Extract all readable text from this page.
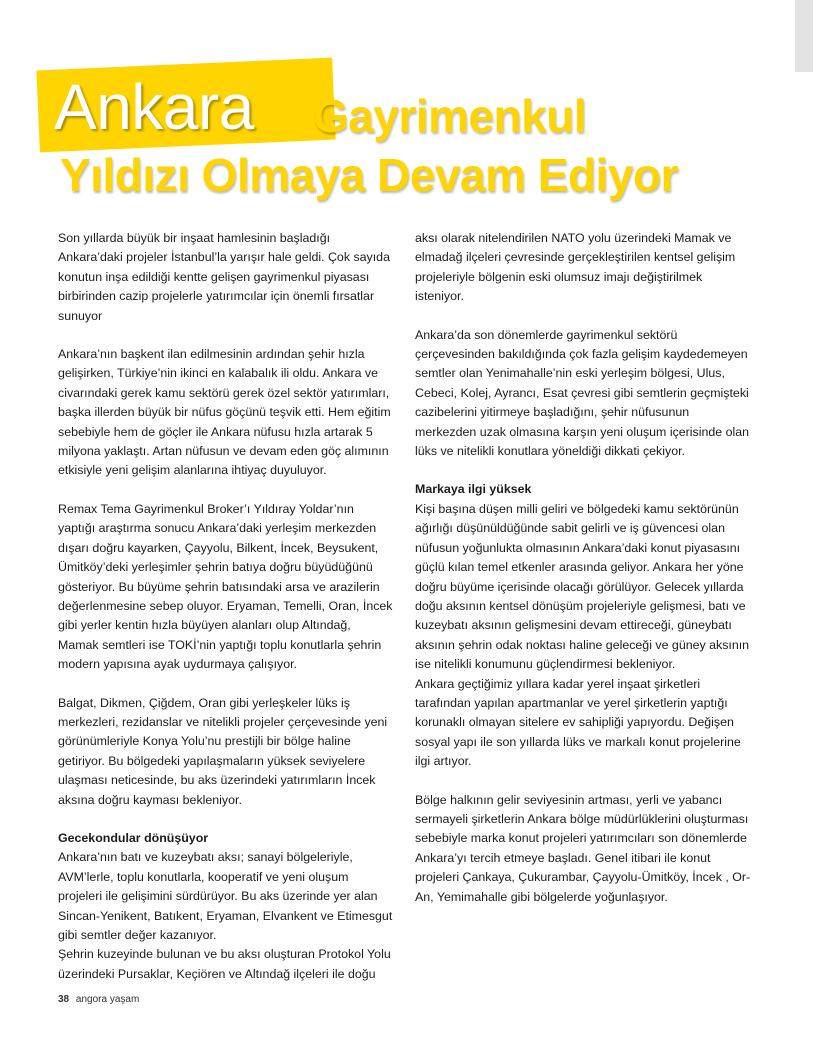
Ankara Gayrimenkul
Yıldızı Olmaya Devam Ediyor

Son yıllarda büyük bir inşaat hamlesinin başladığı Ankara’daki projeler İstanbul’la yarışır hale geldi. Çok sayıda konutun inşa edildiği kentte gelişen gayrimenkul piyasası birbirinden cazip projelerle yatırımcılar için önemli fırsatlar sunuyor

Ankara’nın başkent ilan edilmesinin ardından şehir hızla gelişirken, Türkiye’nin ikinci en kalabalık ili oldu. Ankara ve civarındaki gerek kamu sektörü gerek özel sektör yatırımları, başka illerden büyük bir nüfus göçünü teşvik etti. Hem eğitim sebebiyle hem de göçler ile Ankara nüfusu hızla artarak 5 milyona yaklaştı. Artan nüfusun ve devam eden göç alımının etkisiyle yeni gelişim alanlarına ihtiyaç duyuluyor.

Remax Tema Gayrimenkul Broker’ı Yıldıray Yoldar’nın yaptığı araştırma sonucu Ankara’daki yerleşim merkezden dışarı doğru kayarken, Çayyolu, Bilkent, İncek, Beysukent, Ümitköy’deki yerleşimler şehrin batıya doğru büyüdüğünü gösteriyor. Bu büyüme şehrin batısındaki arsa ve arazilerin değerlenmesine sebep oluyor. Eryaman, Temelli, Oran, İncek gibi yerler kentin hızla büyüyen alanları olup Altındağ, Mamak semtleri ise TOKİ’nin yaptığı toplu konutlarla şehrin modern yapısına ayak uydurmaya çalışıyor.

Balgat, Dikmen, Çiğdem, Oran gibi yerleşkeler lüks iş merkezleri, rezidanslar ve nitelikli projeler çerçevesinde yeni görünümleriyle Konya Yolu’nu prestijli bir bölge haline getiriyor. Bu bölgedeki yapılaşmaların yüksek seviyelere ulaşması neticesinde, bu aks üzerindeki yatırımların İncek aksına doğru kayması bekleniyor.

Gecekondular dönüşüyor

Ankara’nın batı ve kuzeybatı aksı; sanayi bölgeleriyle, AVM’lerle, toplu konutlarla, kooperatif ve yeni oluşum projeleri ile gelişimini sürdürüyor. Bu aks üzerinde yer alan Sincan-Yenikent, Batıkent, Eryaman, Elvankent ve Etimesgut gibi semtler değer kazanıyor.

Şehrin kuzeyinde bulunan ve bu aksı oluşturan Protokol Yolu üzerindeki Pursaklar, Keçiören ve Altındağ ilçeleri ile doğu

aksı olarak nitelendirilen NATO yolu üzerindeki Mamak ve elmadağ ilçeleri çevresinde gerçekleştirilen kentsel gelişim projeleriyle bölgenin eski olumsuz imajı değiştirilmek isteniyor.

Ankara’da son dönemlerde gayrimenkul sektörü çerçevesinden bakıldığında çok fazla gelişim kaydedemeyen semtler olan Yenimahalle’nin eski yerleşim bölgesi, Ulus, Cebeci, Kolej, Ayrancı, Esat çevresi gibi semtlerin geçmişteki cazibelerini yitirmeye başladığını, şehir nüfusunun merkezden uzak olmasına karşın yeni oluşum içerisinde olan lüks ve nitelikli konutlara yöneldiği dikkati çekiyor.

Markaya ilgi yüksek

Kişi başına düşen milli geliri ve bölgedeki kamu sektörünün ağırlığı düşünüldüğünde sabit gelirli ve iş güvencesi olan nüfusun yoğunlukta olmasının Ankara’daki konut piyasasını güçlü kılan temel etkenler arasında geliyor. Ankara her yöne doğru büyüme içerisinde olacağı görülüyor. Gelecek yıllarda doğu aksının kentsel dönüşüm projeleriyle gelişmesi, batı ve kuzeybatı aksının gelişmesini devam ettireceği, güneybatı aksının şehrin odak noktası haline geleceği ve güney aksının ise nitelikli konumunu güçlendirmesi bekleniyor.

Ankara geçtiğimiz yıllara kadar yerel inşaat şirketleri tarafından yapılan apartmanlar ve yerel şirketlerin yaptığı korunaklı olmayan sitelere ev sahipliği yapıyordu. Değişen sosyal yapı ile son yıllarda lüks ve markalı konut projelerine ilgi artıyor.

Bölge halkının gelir seviyesinin artması, yerli ve yabancı sermayeli şirketlerin Ankara bölge müdürlüklerini oluşturması sebebiyle marka konut projeleri yatırımcıları son dönemlerde Ankara’yı tercih etmeye başladı. Genel itibari ile konut projeleri Çankaya, Çukurambar, Çayyolu-Ümitköy, İncek , Or-An, Yemimahalle gibi bölgelerde yoğunlaşıyor.

38 angora yaşam
